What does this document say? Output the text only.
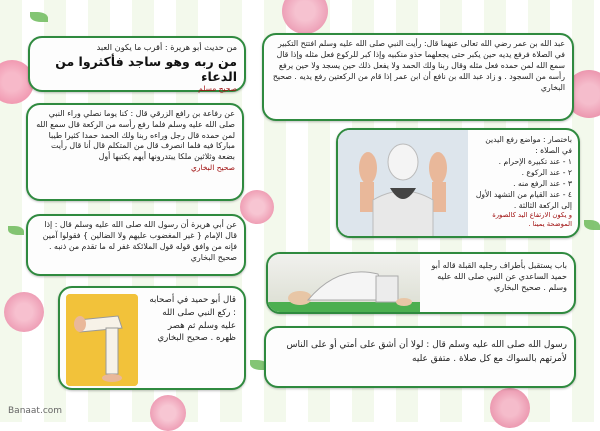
من حديث أبو هريرة : أقرب ما يكون العبد
من ربه وهو ساجد فأكثروا من الدعاء
صحيح مسلم
عبد الله بن عمر رضي الله تعالى عنهما قال: رأيت النبي صلى الله عليه وسلم افتتح التكبير في الصلاة فرفع يديه حين يكبر حتى يجعلهما حذو منكبيه وإذا كبر للركوع فعل مثله وإذا قال سمع الله لمن حمده فعل مثله وقال ربنا ولك الحمد ولا يفعل ذلك حين يسجد ولا حين يرفع رأسه من السجود . و زاد عبد الله بن نافع أن ابن عمر إذا قام من الركعتين رفع يديه . صحيح البخاري
عن رفاعة بن رافع الزرقي قال : كنا يوما نصلي وراء النبي صلى الله عليه وسلم فلما رفع رأسه من الركعة قال سمع الله لمن حمده قال رجل وراءه ربنا ولك الحمد حمدا كثيرا طيبا مباركا فيه فلما انصرف قال من المتكلم قال أنا قال رأيت بضعة وثلاثين ملكا يبتدرونها أيهم يكتبها أول
صحيح البخاري
باختصار : مواضع رفع اليدين في الصلاة :
١ - عند تكبيرة الإحرام .
٢ - عند الركوع .
٣ - عند الرفع منه .
٤ - عند القيام من التشهد الأول إلى الركعة الثالثة .
و يكون الارتفاع اليد كالصورة الموضحة يمينا .
عن أبي هريرة أن رسول الله صلى الله عليه وسلم قال : إذا قال الإمام { غير المغضوب عليهم ولا الضالين } فقولوا آمين فإنه من وافق قوله قول الملائكة غفر له ما تقدم من ذنبه . صحيح البخاري
باب يستقبل بأطراف رجليه القبلة قاله أبو حميد الساعدي عن النبي صلى الله عليه وسلم . صحيح البخاري
قال أبو حميد في أصحابه : ركع النبي صلى الله عليه وسلم ثم هصر ظهره . صحيح البخاري
رسول الله صلى الله عليه وسلم قال : لولا أن أشق على أمتي أو على الناس لأمرتهم بالسواك مع كل صلاة . متفق عليه
Banaat.com
